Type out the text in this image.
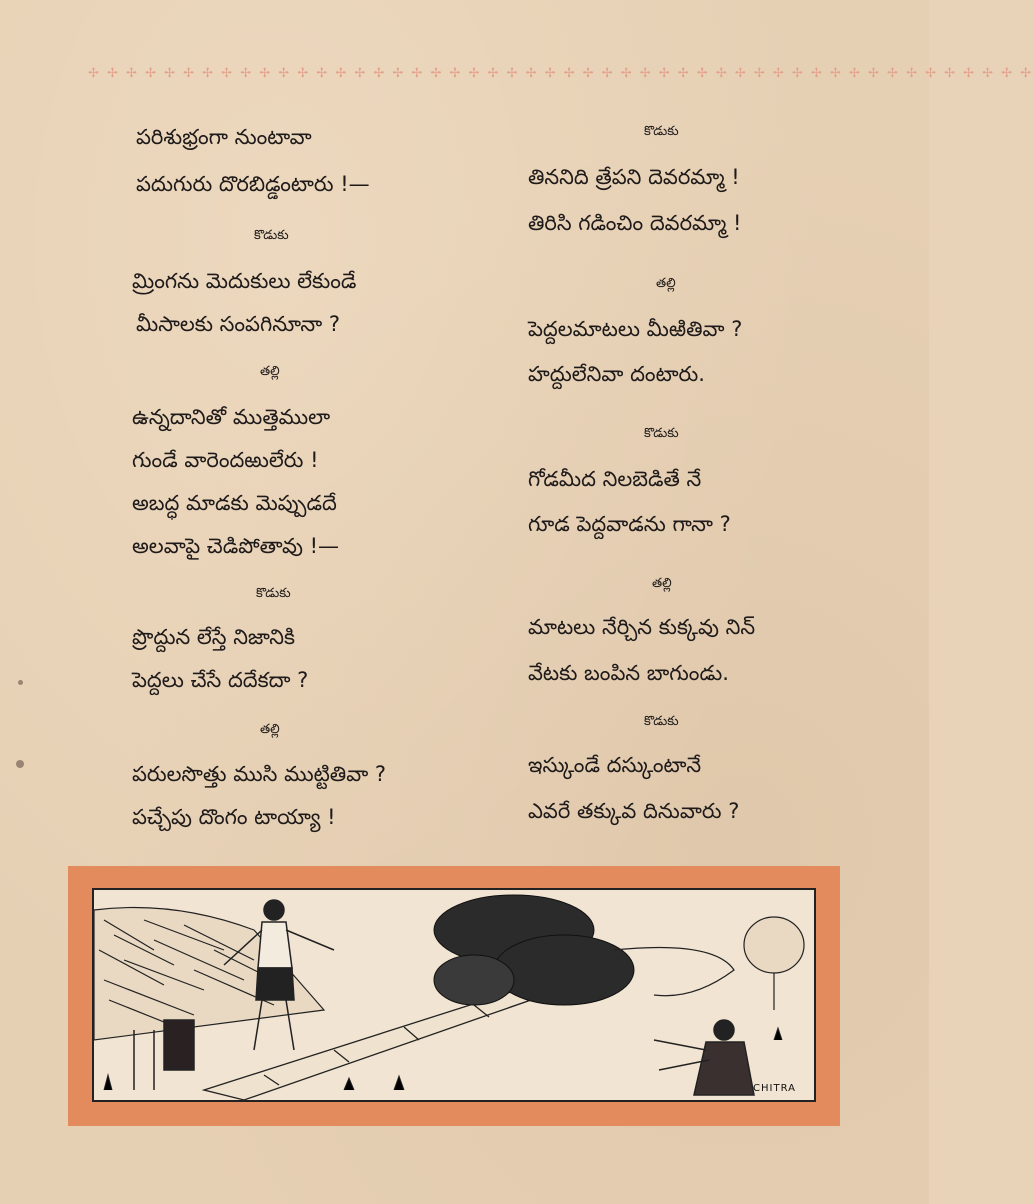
✢ ✢ ✢ ✢ ✢ ✢ ✢ ✢ ✢ ✢ ✢ ✢ ✢ ✢ ✢ ✢ ✢ ✢ ✢ ✢ ✢ ✢ ✢ ✢ ✢ ✢ ✢ ✢ ✢ ✢ ✢ ✢ ✢ ✢ ✢ ✢ ✢ ✢ ✢ ✢ ✢ ✢ ✢ ✢ ✢ ✢ ✢ ✢ ✢ ✢
పరిశుభ్రంగా నుంటావా
పదుగురు దొరబిడ్డంటారు !—
కొడుకు
మ్రింగను మెదుకులు లేకుండే
మీసాలకు సంపగినూనా ?
తల్లి
ఉన్నదానితో ముత్తెములా
గుండే వారెందఱులేరు !
అబద్ధ మాడకు మెప్పుడదే
అలవాపై చెడిపోతావు !—
కొడుకు
ప్రొద్దున లేస్తే నిజానికి
పెద్దలు చేసే దదేకదా ?
తల్లి
పరులసొత్తు ముసి ముట్టితివా ?
పచ్చేపు దొంగం టాయ్యా !
కొడుకు
తిననిది త్రేపని దెవరమ్మా !
తిరిసి గడించిం దెవరమ్మా !
తల్లి
పెద్దలమాటలు మీఱితివా ?
హద్దులేనివా దంటారు.
కొడుకు
గోడమీద నిలబెడితే నే
గూడ పెద్దవాడను గానా ?
తల్లి
మాటలు నేర్చిన కుక్కవు నిన్
వేటకు బంపిన బాగుండు.
కొడుకు
ఇస్కుండే దస్కుంటానే
ఎవరే తక్కువ దినువారు ?
CHITRA
